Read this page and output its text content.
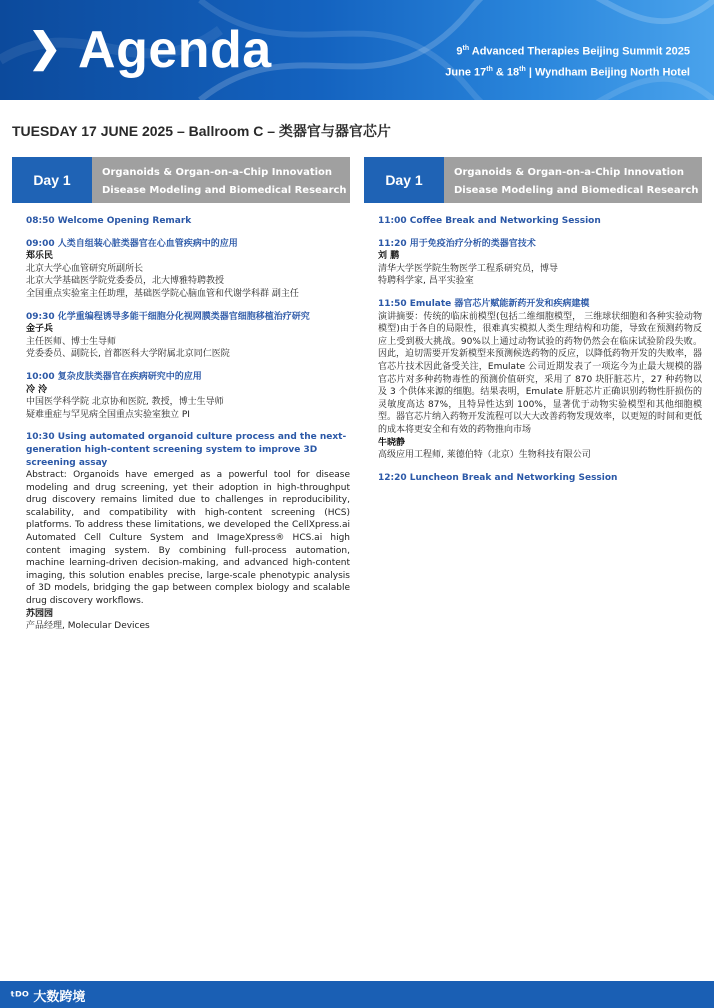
❯ Agenda	9th Advanced Therapies Beijing Summit 2025
June 17th & 18th | Wyndham Beijing North Hotel
TUESDAY 17 JUNE 2025 – Ballroom C – 类器官与器官芯片
Day 1	Organoids & Organ-on-a-Chip Innovation
Disease Modeling and Biomedical Research
08:50 Welcome Opening Remark
09:00 人类自组装心脏类器官在心血管疾病中的应用
郑乐民
北京大学心血管研究所副所长
北京大学基础医学院党委委员，北大博雅特聘教授
全国重点实验室主任助理，基础医学院心脑血管和代谢学科群 副主任
09:30 化学重编程诱导多能干细胞分化视网膜类器官细胞移植治疗研究
金子兵
主任医师、博士生导师
党委委员、副院长, 首都医科大学附属北京同仁医院
10:00 复杂皮肤类器官在疾病研究中的应用
冷 泠
中国医学科学院 北京协和医院, 教授，博士生导师
疑难重症与罕见病全国重点实验室独立 PI
10:30 Using automated organoid culture process and the next-generation high-content screening system to improve 3D screening assay
Abstract: Organoids have emerged as a powerful tool for disease modeling and drug screening, yet their adoption in high-throughput drug discovery remains limited due to challenges in reproducibility, scalability, and compatibility with high-content screening (HCS) platforms. To address these limitations, we developed the CellXpress.ai Automated Cell Culture System and ImageXpress® HCS.ai high content imaging system. By combining full-process automation, machine learning-driven decision-making, and advanced high-content imaging, this solution enables precise, large-scale phenotypic analysis of 3D models, bridging the gap between complex biology and scalable drug discovery workflows.
苏园园
产品经理, Molecular Devices
Day 1	Organoids & Organ-on-a-Chip Innovation
Disease Modeling and Biomedical Research
11:00 Coffee Break and Networking Session
11:20 用于免疫治疗分析的类器官技术
刘 鹏
清华大学医学院生物医学工程系研究员，博导
特聘科学家, 昌平实验室
11:50 Emulate 器官芯片赋能新药开发和疾病建模
演讲摘要：传统的临床前模型(包括二维细胞模型， 三维球状细胞和各种实验动物模型)由于各自的局限性，很难真实模拟人类生理结构和功能，导致在预测药物反应上受到极大挑战。90%以上通过动物试验的药物仍然会在临床试验阶段失败。因此，迫切需要开发新模型来预测候选药物的反应，以降低药物开发的失败率，器官芯片技术因此备受关注，Emulate 公司近期发表了一项迄今为止最大规模的器官芯片对多种药物毒性的预测价值研究，采用了 870 块肝脏芯片，27 种药物以及 3 个供体来源的细胞。结果表明，Emulate 肝脏芯片正确识别药物性肝损伤的灵敏度高达 87%，且特异性达到 100%，显著优于动物实验模型和其他细胞模型。器官芯片纳入药物开发流程可以大大改善药物发现效率，以更短的时间和更低的成本将更安全和有效的药物推向市场
牛晓静
高级应用工程师, 莱德伯特（北京）生物科技有限公司
12:20 Luncheon Break and Networking Session
ᵗᴰᴼ 大数跨境
